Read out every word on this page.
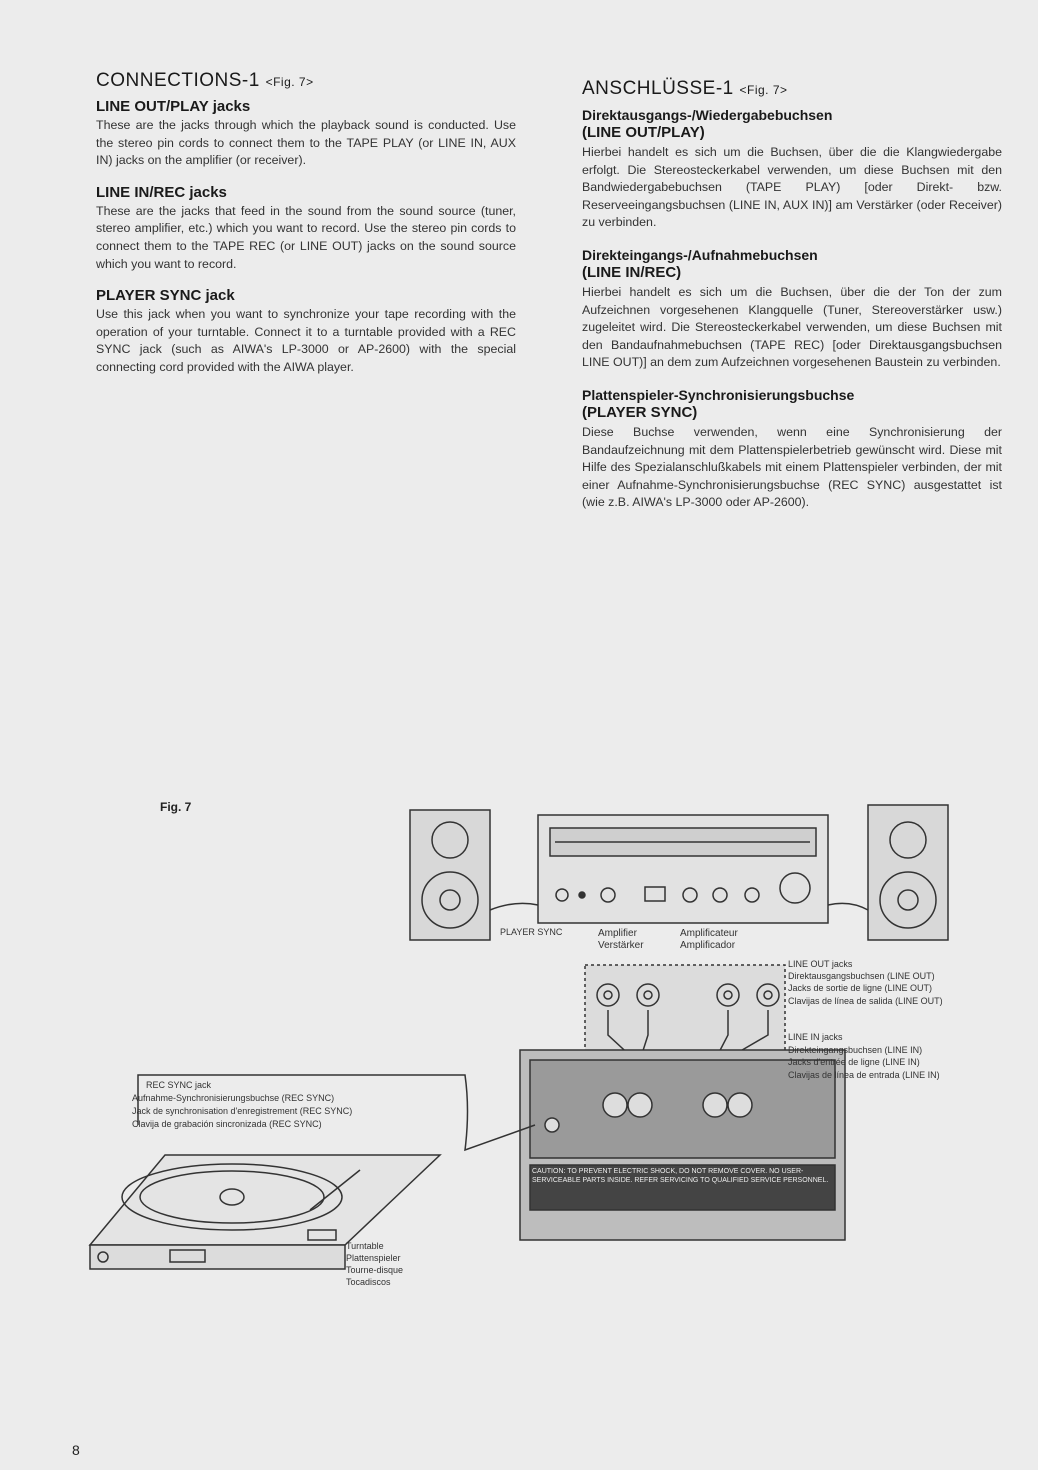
CONNECTIONS-1 <Fig. 7>
LINE OUT/PLAY jacks

These are the jacks through which the playback sound is conducted. Use the stereo pin cords to connect them to the TAPE PLAY (or LINE IN, AUX IN) jacks on the amplifier (or receiver).

LINE IN/REC jacks

These are the jacks that feed in the sound from the sound source (tuner, stereo amplifier, etc.) which you want to record. Use the stereo pin cords to connect them to the TAPE REC (or LINE OUT) jacks on the sound source which you want to record.

PLAYER SYNC jack

Use this jack when you want to synchronize your tape recording with the operation of your turntable. Connect it to a turntable provided with a REC SYNC jack (such as AIWA's LP-3000 or AP-2600) with the special connecting cord provided with the AIWA player.

ANSCHLÜSSE-1 <Fig. 7>
Direktausgangs-/Wiedergabebuchsen
(LINE OUT/PLAY)

Hierbei handelt es sich um die Buchsen, über die die Klangwiedergabe erfolgt. Die Stereosteckerkabel verwenden, um diese Buchsen mit den Bandwiedergabebuchsen (TAPE PLAY) [oder Direkt- bzw. Reserveeingangsbuchsen (LINE IN, AUX IN)] am Verstärker (oder Receiver) zu verbinden.

Direkteingangs-/Aufnahmebuchsen
(LINE IN/REC)

Hierbei handelt es sich um die Buchsen, über die der Ton der zum Aufzeichnen vorgesehenen Klangquelle (Tuner, Stereoverstärker usw.) zugeleitet wird. Die Stereosteckerkabel verwenden, um diese Buchsen mit den Bandaufnahmebuchsen (TAPE REC) [oder Direktausgangsbuchsen LINE OUT)] an dem zum Aufzeichnen vorgesehenen Baustein zu verbinden.

Plattenspieler-Synchronisierungsbuchse
(PLAYER SYNC)

Diese Buchse verwenden, wenn eine Synchronisierung der Bandaufzeichnung mit dem Plattenspielerbetrieb gewünscht wird. Diese mit Hilfe des Spezialanschlußkabels mit einem Plattenspieler verbinden, der mit einer Aufnahme-Synchronisierungsbuchse (REC SYNC) ausgestattet ist (wie z.B. AIWA's LP-3000 oder AP-2600).

Fig. 7
PLAYER SYNC	Amplifier	Amplificateur
Verstärker	Amplificador
LINE OUT jacks
Direktausgangsbuchsen (LINE OUT)
Jacks de sortie de ligne (LINE OUT)
Clavijas de línea de salida (LINE OUT)
LINE IN jacks
Direkteingangsbuchsen (LINE IN)
Jacks d'entrée de ligne (LINE IN)
Clavijas de línea de entrada (LINE IN)
REC SYNC jack
Aufnahme-Synchronisierungsbuchse (REC SYNC)
Jack de synchronisation d'enregistrement (REC SYNC)
Clavija de grabación sincronizada (REC SYNC)
Turntable
Plattenspieler
Tourne-disque
Tocadiscos
CAUTION: TO PREVENT ELECTRIC SHOCK, DO NOT REMOVE COVER. NO USER-SERVICEABLE PARTS INSIDE. REFER SERVICING TO QUALIFIED SERVICE PERSONNEL.
8
